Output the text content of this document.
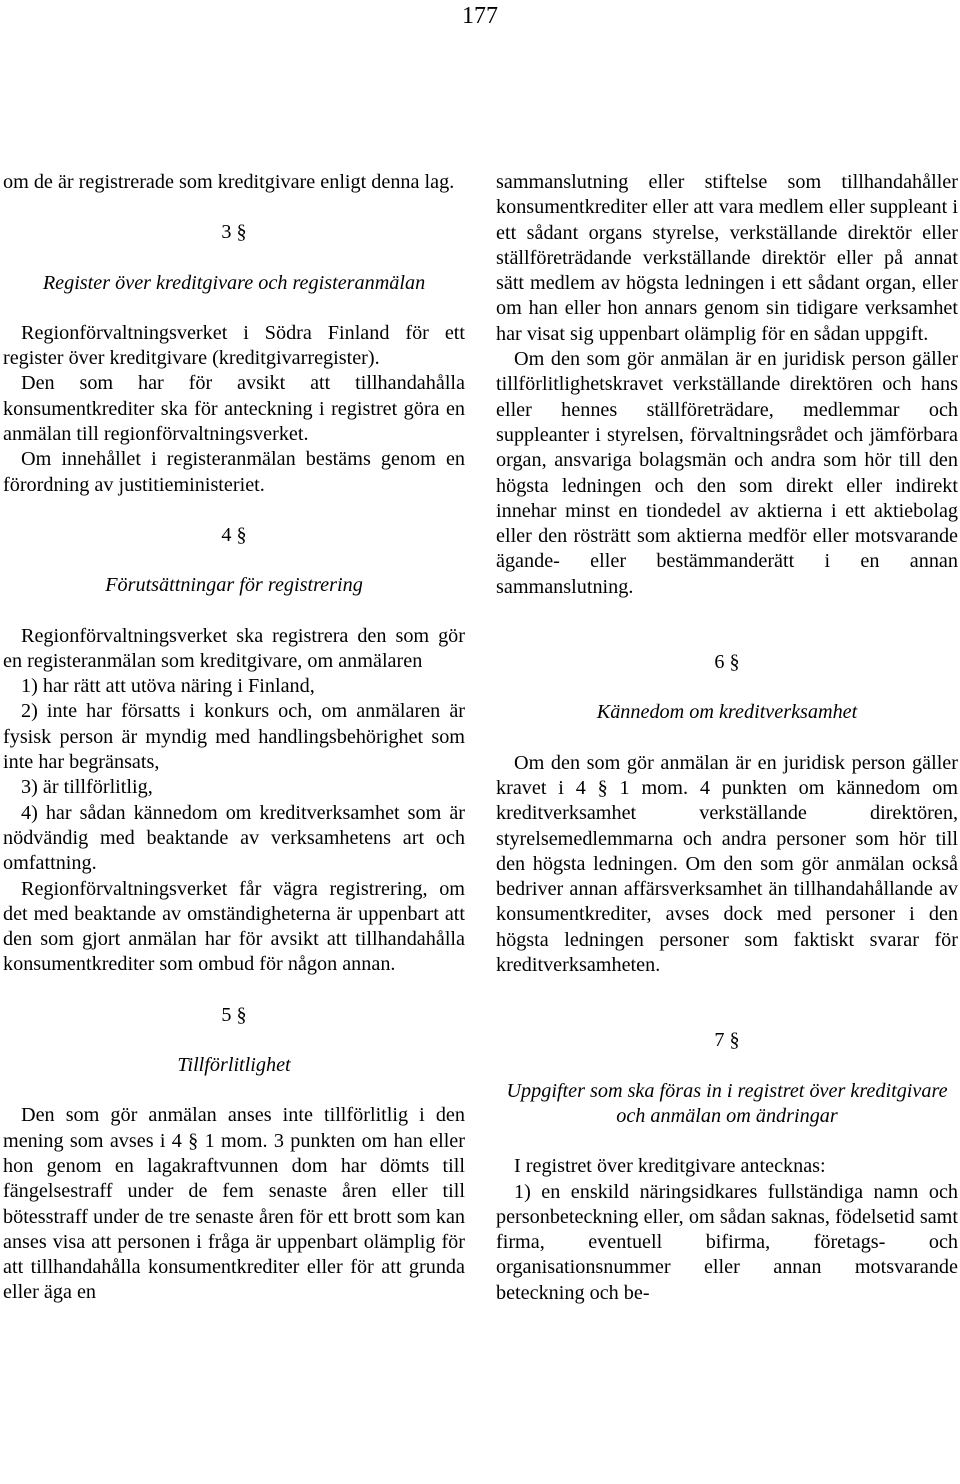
177

om de är registrerade som kreditgivare enligt denna lag.

3 §

Register över kreditgivare och registeranmälan

Regionförvaltningsverket i Södra Finland för ett register över kreditgivare (kreditgivarregister).

Den som har för avsikt att tillhandahålla konsumentkrediter ska för anteckning i registret göra en anmälan till regionförvaltningsverket.

Om innehållet i registeranmälan bestäms genom en förordning av justitieministeriet.

4 §

Förutsättningar för registrering

Regionförvaltningsverket ska registrera den som gör en registeranmälan som kreditgivare, om anmälaren

1) har rätt att utöva näring i Finland,

2) inte har försatts i konkurs och, om anmälaren är fysisk person är myndig med handlingsbehörighet som inte har begränsats,

3) är tillförlitlig,

4) har sådan kännedom om kreditverksamhet som är nödvändig med beaktande av verksamhetens art och omfattning.

Regionförvaltningsverket får vägra registrering, om det med beaktande av omständigheterna är uppenbart att den som gjort anmälan har för avsikt att tillhandahålla konsumentkrediter som ombud för någon annan.

5 §

Tillförlitlighet

Den som gör anmälan anses inte tillförlitlig i den mening som avses i 4 § 1 mom. 3 punkten om han eller hon genom en lagakraftvunnen dom har dömts till fängelsestraff under de fem senaste åren eller till bötesstraff under de tre senaste åren för ett brott som kan anses visa att personen i fråga är uppenbart olämplig för att tillhandahålla konsumentkrediter eller för att grunda eller äga en

sammanslutning eller stiftelse som tillhandahåller konsumentkrediter eller att vara medlem eller suppleant i ett sådant organs styrelse, verkställande direktör eller ställföreträdande verkställande direktör eller på annat sätt medlem av högsta ledningen i ett sådant organ, eller om han eller hon annars genom sin tidigare verksamhet har visat sig uppenbart olämplig för en sådan uppgift.

Om den som gör anmälan är en juridisk person gäller tillförlitlighetskravet verkställande direktören och hans eller hennes ställföreträdare, medlemmar och suppleanter i styrelsen, förvaltningsrådet och jämförbara organ, ansvariga bolagsmän och andra som hör till den högsta ledningen och den som direkt eller indirekt innehar minst en tiondedel av aktierna i ett aktiebolag eller den rösträtt som aktierna medför eller motsvarande ägande- eller bestämmanderätt i en annan sammanslutning.

6 §

Kännedom om kreditverksamhet

Om den som gör anmälan är en juridisk person gäller kravet i 4 § 1 mom. 4 punkten om kännedom om kreditverksamhet verkställande direktören, styrelsemedlemmarna och andra personer som hör till den högsta ledningen. Om den som gör anmälan också bedriver annan affärsverksamhet än tillhandahållande av konsumentkrediter, avses dock med personer i den högsta ledningen personer som faktiskt svarar för kreditverksamheten.

7 §

Uppgifter som ska föras in i registret över kreditgivare och anmälan om ändringar

I registret över kreditgivare antecknas:

1) en enskild näringsidkares fullständiga namn och personbeteckning eller, om sådan saknas, födelsetid samt firma, eventuell bifirma, företags- och organisationsnummer eller annan motsvarande beteckning och be-
